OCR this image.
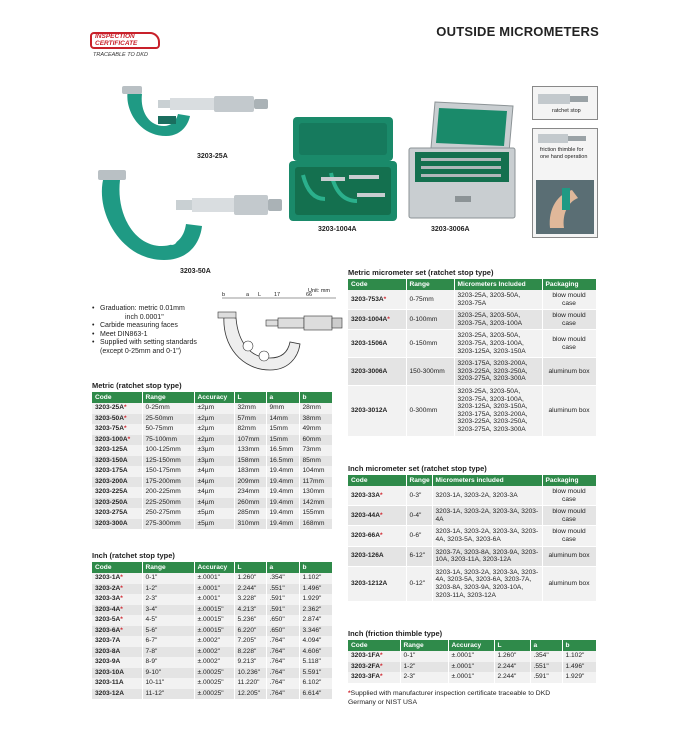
OUTSIDE MICROMETERS
INSPECTION
CERTIFICATE
TRACEABLE TO DKD
3203-25A
3203-50A
3203-1004A	3203-3006A
ratchet stop
friction thimble for one hand operation
Unit: mm
b	a L 17	66
• Graduation: metric 0.01mm
inch 0.0001"
• Carbide measuring faces
• Meet DIN863-1
• Supplied with setting standards
(except 0-25mm and 0-1")
Metric (ratchet stop type)
Code	Range	Accuracy	L	a	b
3203-25A*	0-25mm	±2µm	32mm	9mm	28mm
3203-50A*	25-50mm	±2µm	57mm	14mm	38mm
3203-75A*	50-75mm	±2µm	82mm	15mm	49mm
3203-100A*	75-100mm	±2µm	107mm	15mm	60mm
3203-125A	100-125mm	±3µm	133mm	16.5mm	73mm
3203-150A	125-150mm	±3µm	158mm	16.5mm	85mm
3203-175A	150-175mm	±4µm	183mm	19.4mm	104mm
3203-200A	175-200mm	±4µm	209mm	19.4mm	117mm
3203-225A	200-225mm	±4µm	234mm	19.4mm	130mm
3203-250A	225-250mm	±4µm	260mm	19.4mm	142mm
3203-275A	250-275mm	±5µm	285mm	19.4mm	155mm
3203-300A	275-300mm	±5µm	310mm	19.4mm	168mm
Inch (ratchet stop type)
Code	Range	Accuracy	L	a	b
3203-1A*	0-1"	±.0001"	1.260"	.354"	1.102"
3203-2A*	1-2"	±.0001"	2.244"	.551"	1.496"
3203-3A*	2-3"	±.0001"	3.228"	.591"	1.929"
3203-4A*	3-4"	±.00015"	4.213"	.591"	2.362"
3203-5A*	4-5"	±.00015"	5.236"	.650"	2.874"
3203-6A*	5-6"	±.00015"	6.220"	.650"	3.346"
3203-7A	6-7"	±.0002"	7.205"	.764"	4.094"
3203-8A	7-8"	±.0002"	8.228"	.764"	4.606"
3203-9A	8-9"	±.0002"	9.213"	.764"	5.118"
3203-10A	9-10"	±.00025"	10.236"	.764"	5.591"
3203-11A	10-11"	±.00025"	11.220"	.764"	6.102"
3203-12A	11-12"	±.00025"	12.205"	.764"	6.614"
Metric micrometer set (ratchet stop type)
Code	Range	Micrometers Included	Packaging
3203-753A*	0-75mm	3203-25A, 3203-50A, 3203-75A	blow mould case
3203-1004A*	0-100mm	3203-25A, 3203-50A, 3203-75A, 3203-100A	blow mould case
3203-1506A	0-150mm	3203-25A, 3203-50A, 3203-75A, 3203-100A, 3203-125A, 3203-150A	blow mould case
3203-3006A	150-300mm	3203-175A, 3203-200A, 3203-225A, 3203-250A, 3203-275A, 3203-300A	aluminum box
3203-3012A	0-300mm	3203-25A, 3203-50A, 3203-75A, 3203-100A, 3203-125A, 3203-150A, 3203-175A, 3203-200A, 3203-225A, 3203-250A, 3203-275A, 3203-300A	aluminum box
Inch micrometer set (ratchet stop type)
Code	Range	Micrometers included	Packaging
3203-33A*	0-3"	3203-1A, 3203-2A, 3203-3A	blow mould case
3203-44A*	0-4"	3203-1A, 3203-2A, 3203-3A, 3203-4A	blow mould case
3203-66A*	0-6"	3203-1A, 3203-2A, 3203-3A, 3203-4A, 3203-5A, 3203-6A	blow mould case
3203-126A	6-12"	3203-7A, 3203-8A, 3203-9A, 3203-10A, 3203-11A, 3203-12A	aluminum box
3203-1212A	0-12"	3203-1A, 3203-2A, 3203-3A, 3203-4A, 3203-5A, 3203-6A, 3203-7A, 3203-8A, 3203-9A, 3203-10A, 3203-11A, 3203-12A	aluminum box
Inch (friction thimble type)
Code	Range	Accuracy	L	a	b
3203-1FA*	0-1"	±.0001"	1.260"	.354"	1.102"
3203-2FA*	1-2"	±.0001"	2.244"	.551"	1.496"
3203-3FA*	2-3"	±.0001"	2.244"	.591"	1.929"
*Supplied with manufacturer inspection certificate traceable to DKD Germany or NIST USA
